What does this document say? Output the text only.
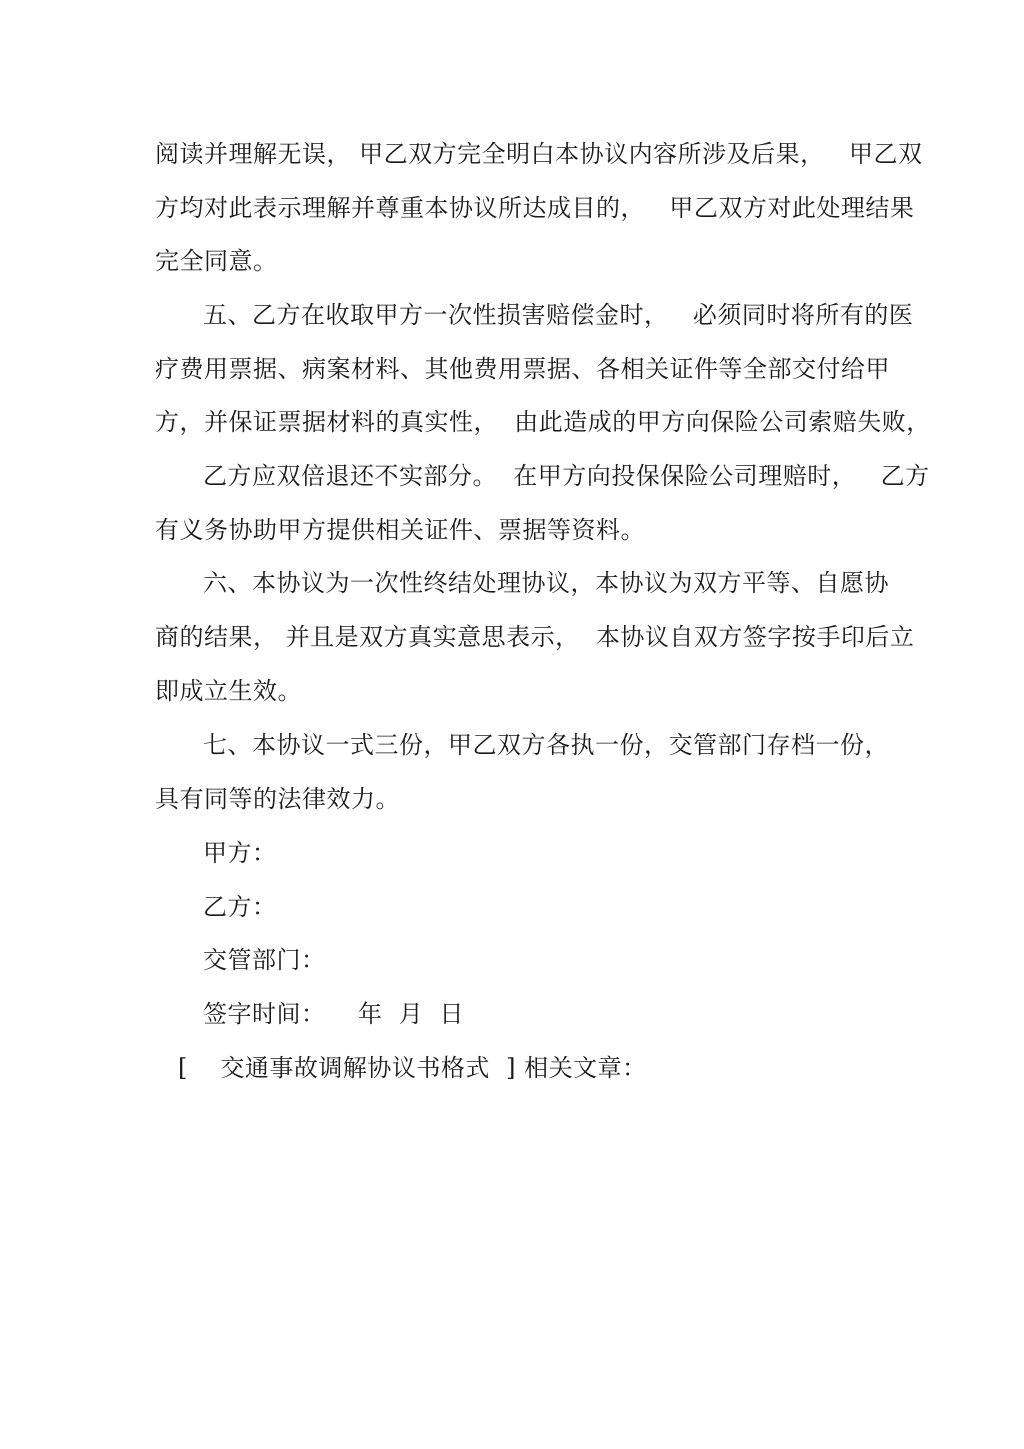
阅读并理解无误， 甲乙双方完全明白本协议内容所涉及后果，   甲乙双
方均对此表示理解并尊重本协议所达成目的，   甲乙双方对此处理结果
完全同意。
五、乙方在收取甲方一次性损害赔偿金时，   必须同时将所有的医
疗费用票据、病案材料、其他费用票据、各相关证件等全部交付给甲
方，并保证票据材料的真实性，  由此造成的甲方向保险公司索赔失败，
乙方应双倍退还不实部分。  在甲方向投保保险公司理赔时，   乙方
有义务协助甲方提供相关证件、票据等资料。
六、本协议为一次性终结处理协议，本协议为双方平等、自愿协
商的结果， 并且是双方真实意思表示，  本协议自双方签字按手印后立
即成立生效。
七、本协议一式三份，甲乙双方各执一份，交管部门存档一份，
具有同等的法律效力。
甲方：
乙方：
交管部门：
签字时间：    年  月  日
[    交通事故调解协议书格式  ] 相关文章：
